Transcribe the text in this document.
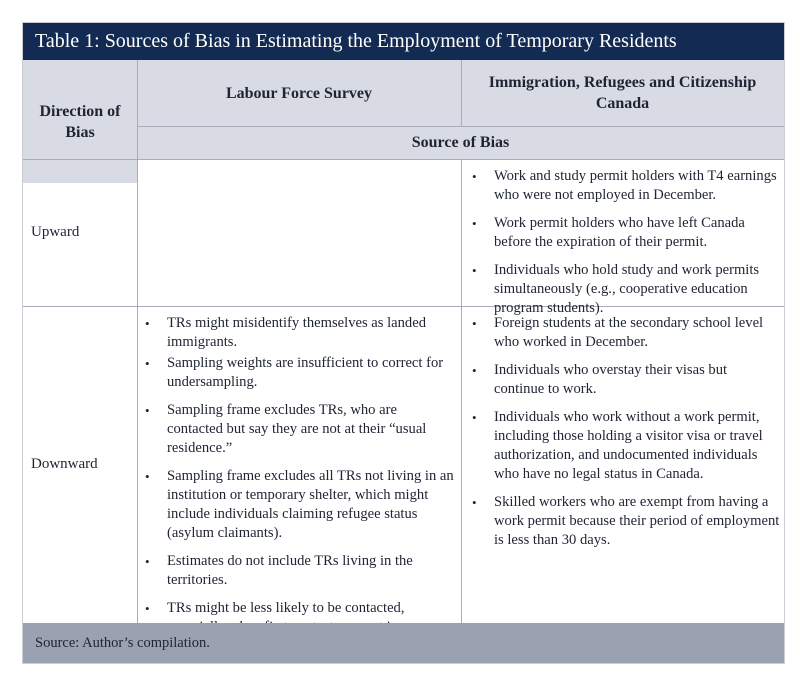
Table 1: Sources of Bias in Estimating the Employment of Temporary Residents
Direction of Bias
Labour Force Survey
Immigration, Refugees and Citizenship Canada
Source of Bias
Upward
• Work and study permit holders with T4 earnings who were not employed in December.
• Work permit holders who have left Canada before the expiration of their permit.
• Individuals who hold study and work permits simultaneously (e.g., cooperative education program students).
Downward
• TRs might misidentify themselves as landed immigrants.
• Sampling weights are insufficient to correct for undersampling.
• Sampling frame excludes TRs, who are contacted but say they are not at their “usual residence.”
• Sampling frame excludes all TRs not living in an institution or temporary shelter, which might include individuals claiming refugee status (asylum claimants).
• Estimates do not include TRs living in the territories.
• TRs might be less likely to be contacted,
• Foreign students at the secondary school level who worked in December.
• Individuals who overstay their visas but continue to work.
• Individuals who work without a work permit, including those holding a visitor visa or travel authorization, and undocumented individuals who have no legal status in Canada.
• Skilled workers who are exempt from having a work permit because their period of employment is less than 30 days.
Source: Author’s compilation.
